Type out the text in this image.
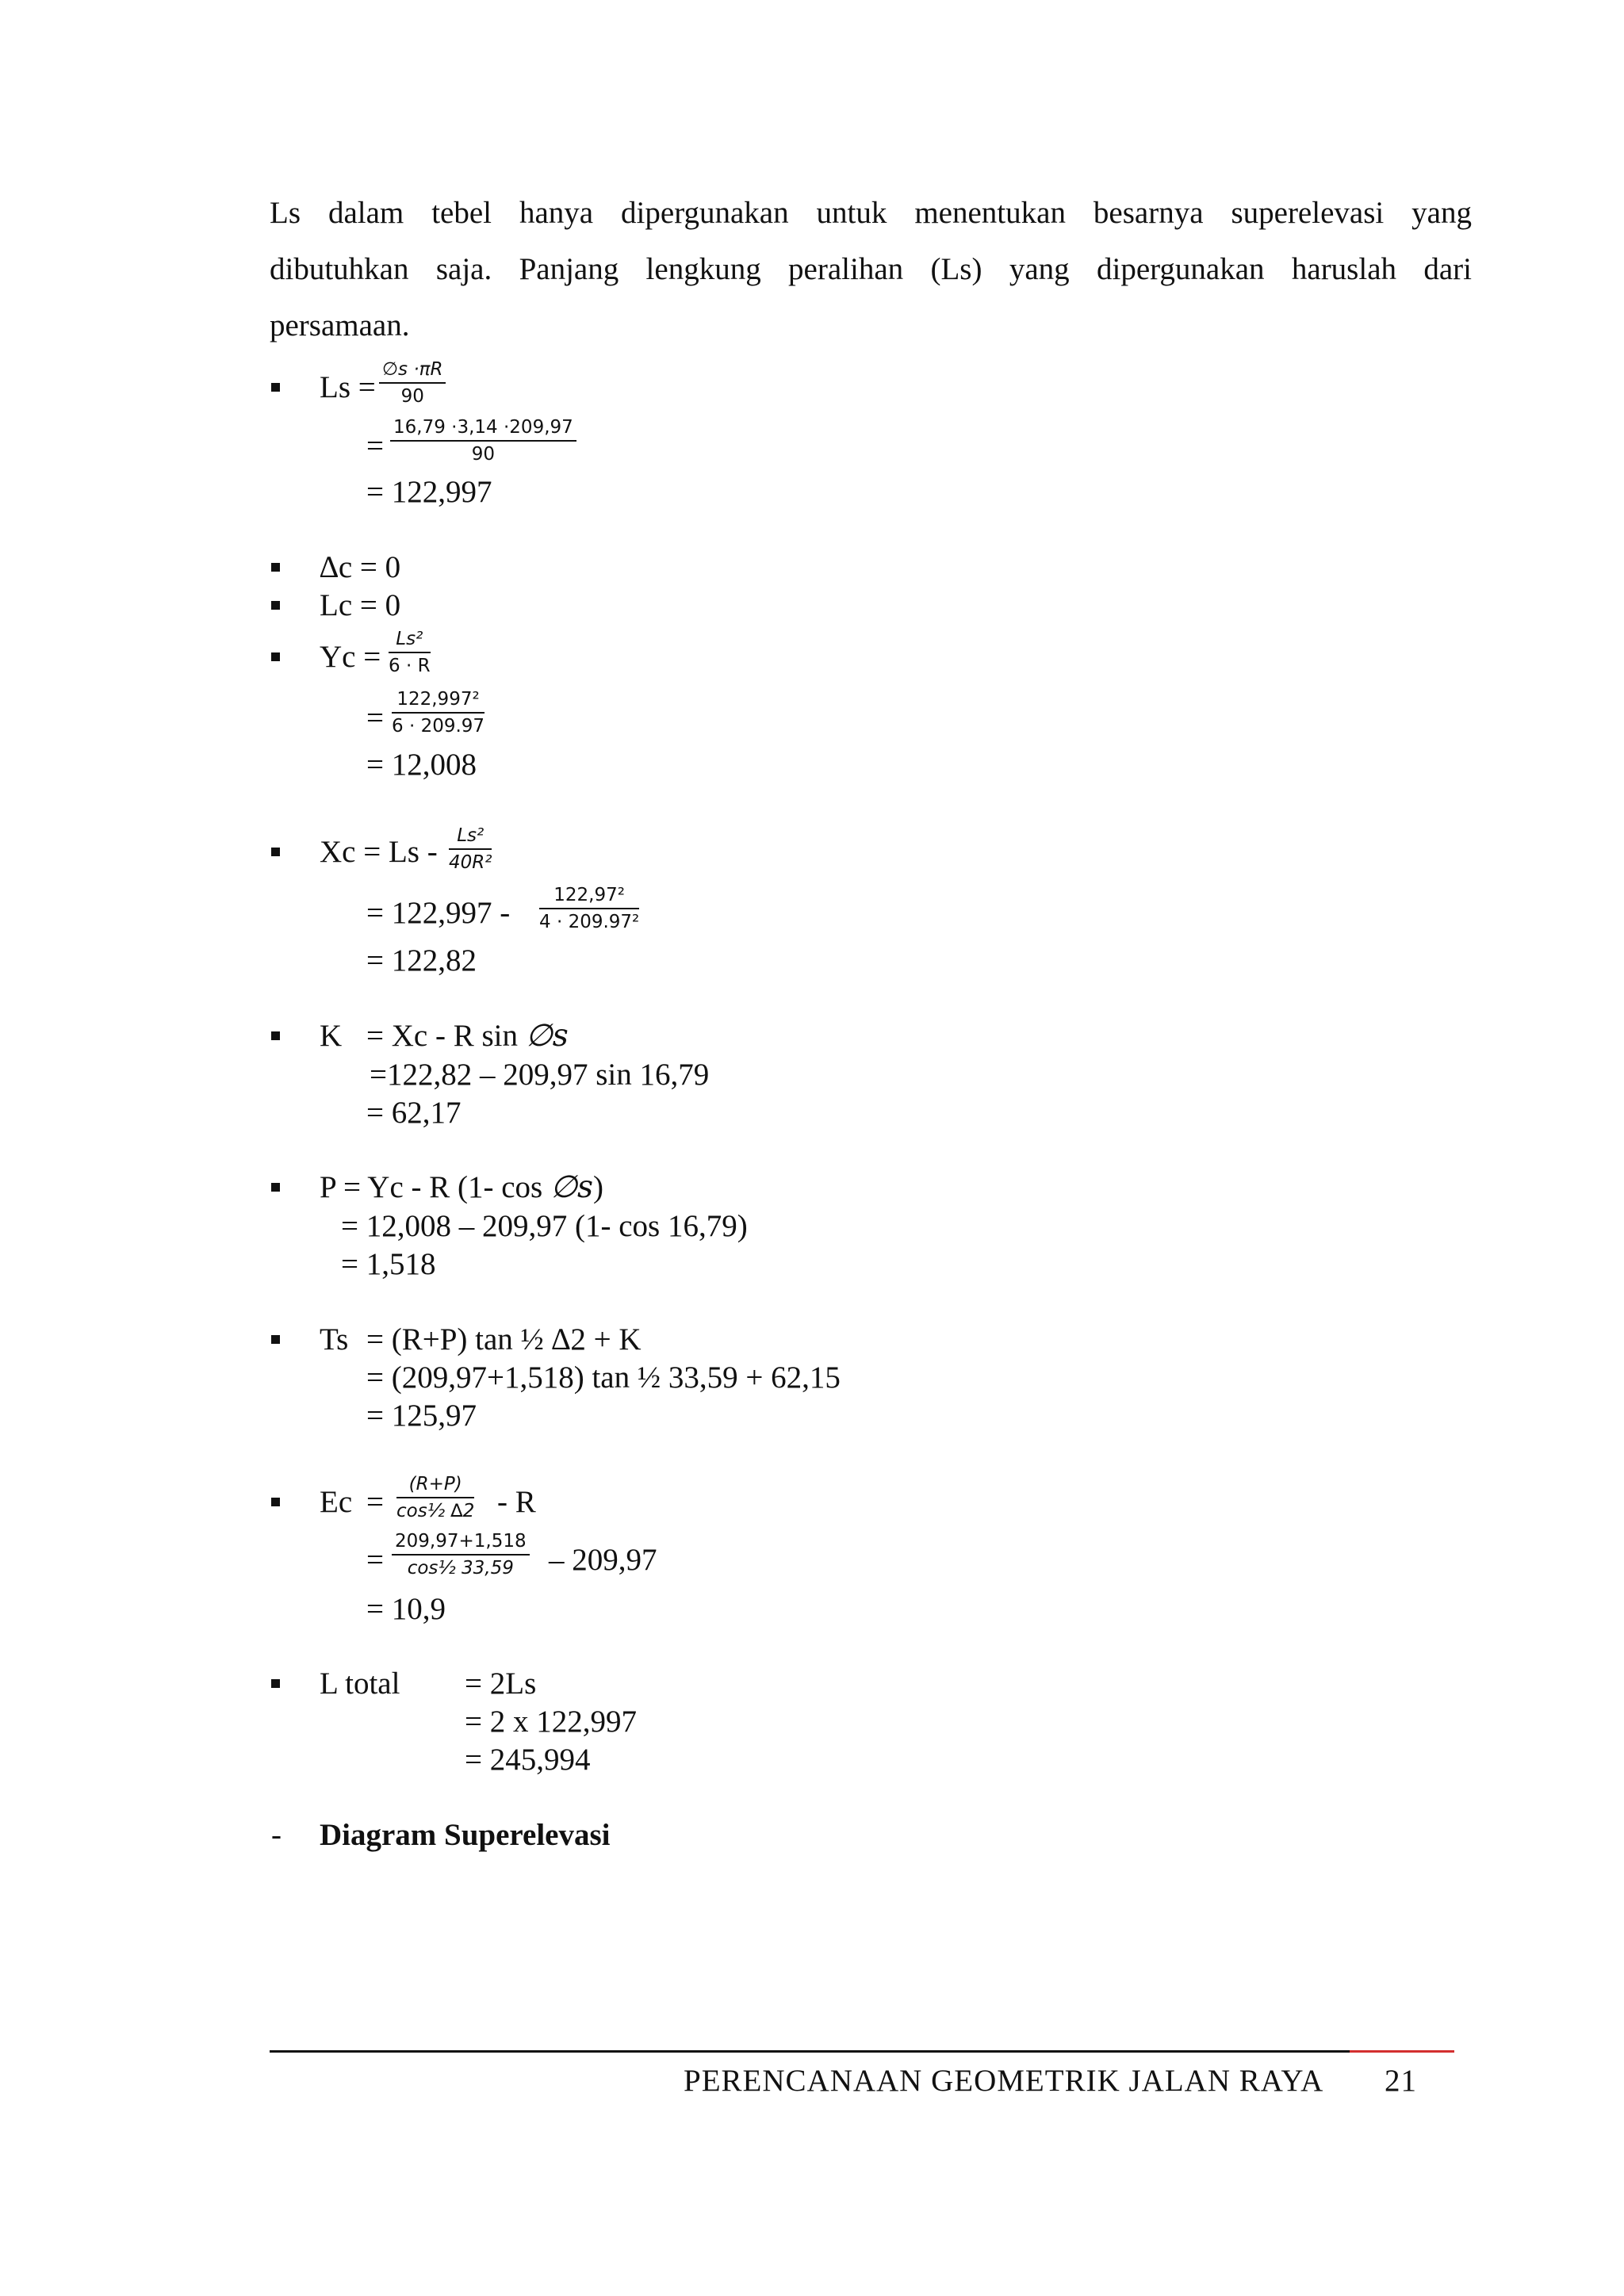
Ls dalam tebel hanya dipergunakan untuk menentukan besarnya superelevasi yang
dibutuhkan saja. Panjang lengkung peralihan (Ls) yang dipergunakan haruslah dari
persamaan.
$Ls = \frac{\emptyset s \cdot\pi R}{90}$
= $\frac{16,79 \cdot 3,14 \cdot 209,97}{90}$
= 122,997
∆c = 0
Lc = 0
$Yc = \frac{\text{Ls²}}{6 \cdot R}$
= $\frac{\text{122,997²}}{6 \cdot 209.97}$
= 12,008
$Xc = Ls - \frac{\text{Ls²}}{\text{40R²}}$
= $122,997 - \frac{\text{122,97²}}{\text{4 · 209.97²}}$
= 122,82
K = Xc - R sin ∅s
=122,82 – 209,97 sin 16,79
= 62,17
P = Yc - R (1- cos ∅s)
= 12,008 – 209,97 (1- cos 16,79)
= 1,518
Ts = (R+P) tan ½ ∆2 + K
= (209,97+1,518) tan ½ 33,59 + 62,15
= 125,97
$Ec = \frac{(R+P)}{\text{cos½ ∆2}} - R$
= $\frac{209,97+1,518}{\text{cos½ 33,59}} - 209,97$
= 10,9
L total = 2Ls
= 2 x 122,997
= 245,994
- Diagram Superelevasi
PERENCANAAN GEOMETRIK JALAN RAYA 21
